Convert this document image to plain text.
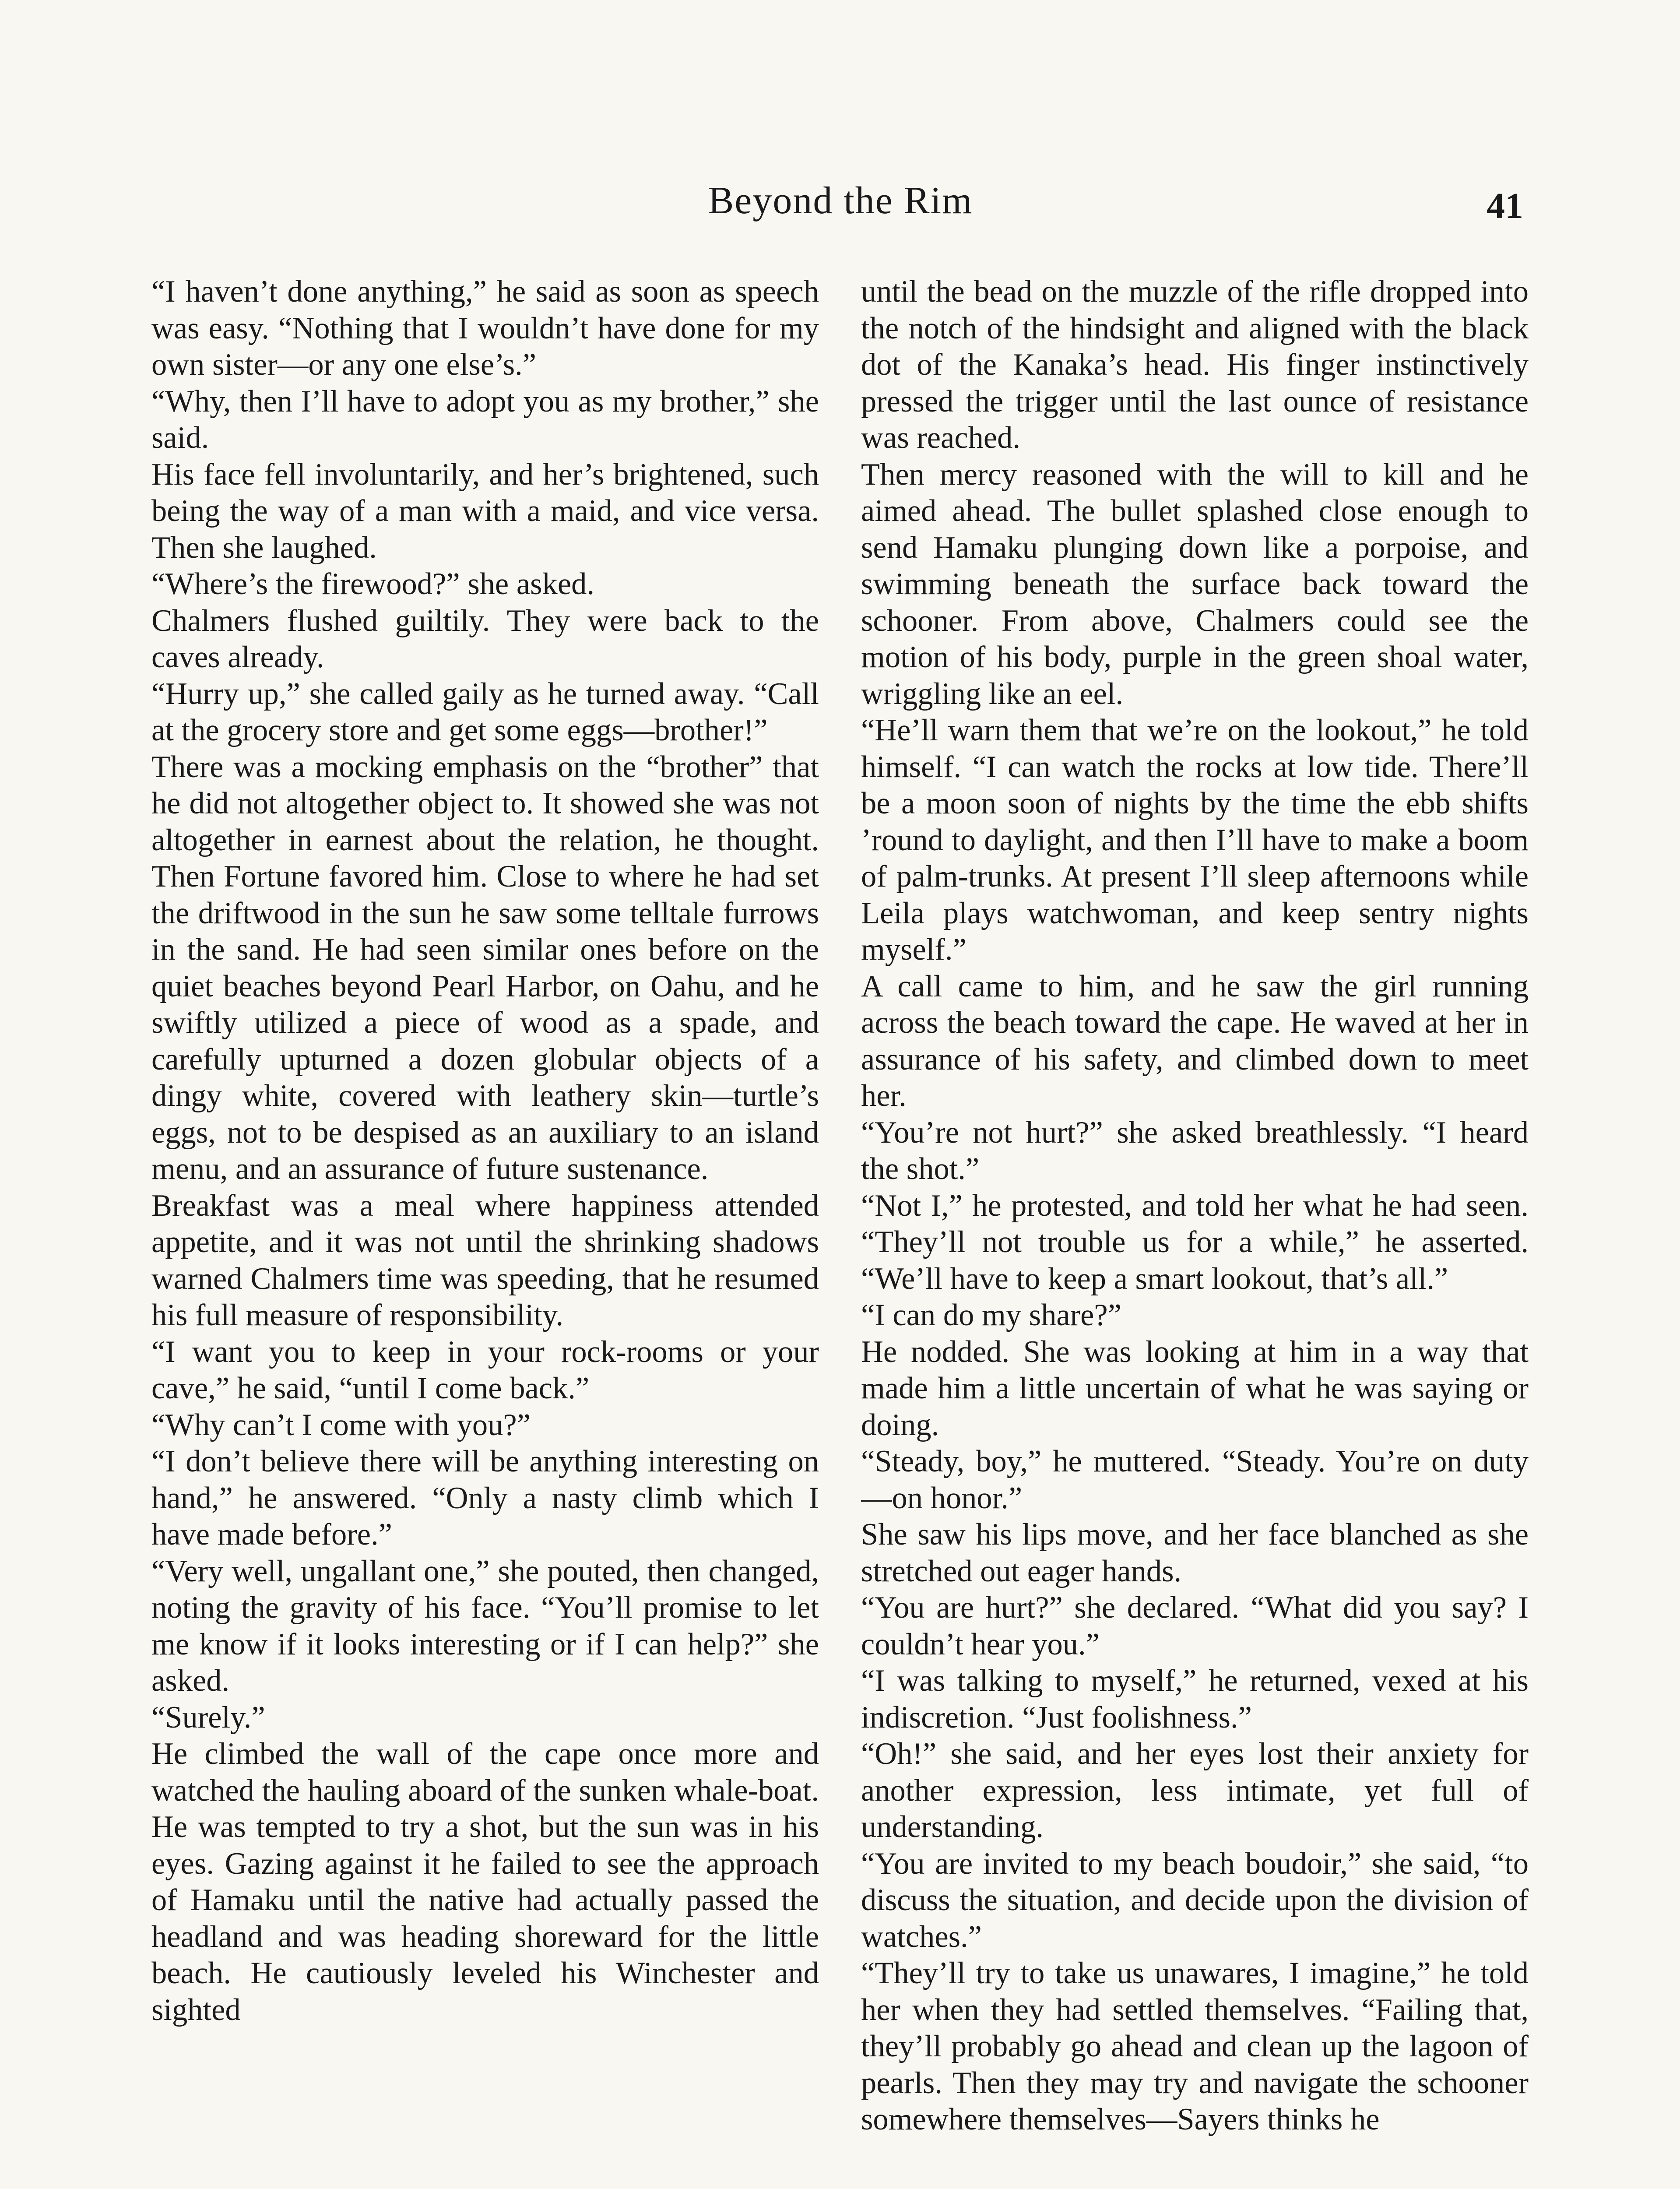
Beyond the Rim	41

“I haven’t done anything,” he said as soon as speech was easy. “Nothing that I wouldn’t have done for my own sister—or any one else’s.”

“Why, then I’ll have to adopt you as my brother,” she said.

His face fell involuntarily, and her’s brightened, such being the way of a man with a maid, and vice versa. Then she laughed.

“Where’s the firewood?” she asked.

Chalmers flushed guiltily. They were back to the caves already.

“Hurry up,” she called gaily as he turned away. “Call at the grocery store and get some eggs—brother!”

There was a mocking emphasis on the “brother” that he did not altogether object to. It showed she was not altogether in earnest about the relation, he thought. Then Fortune favored him. Close to where he had set the driftwood in the sun he saw some telltale furrows in the sand. He had seen similar ones before on the quiet beaches beyond Pearl Harbor, on Oahu, and he swiftly utilized a piece of wood as a spade, and carefully upturned a dozen globular objects of a dingy white, covered with leathery skin—turtle’s eggs, not to be despised as an auxiliary to an island menu, and an assurance of future sustenance.

Breakfast was a meal where happiness attended appetite, and it was not until the shrinking shadows warned Chalmers time was speeding, that he resumed his full measure of responsibility.

“I want you to keep in your rock-rooms or your cave,” he said, “until I come back.”

“Why can’t I come with you?”

“I don’t believe there will be anything interesting on hand,” he answered. “Only a nasty climb which I have made before.”

“Very well, ungallant one,” she pouted, then changed, noting the gravity of his face. “You’ll promise to let me know if it looks interesting or if I can help?” she asked.

“Surely.”

He climbed the wall of the cape once more and watched the hauling aboard of the sunken whale-boat. He was tempted to try a shot, but the sun was in his eyes. Gazing against it he failed to see the approach of Hamaku until the native had actually passed the headland and was heading shoreward for the little beach. He cautiously leveled his Winchester and sighted

until the bead on the muzzle of the rifle dropped into the notch of the hindsight and aligned with the black dot of the Kanaka’s head. His finger instinctively pressed the trigger until the last ounce of resistance was reached.

Then mercy reasoned with the will to kill and he aimed ahead. The bullet splashed close enough to send Hamaku plunging down like a porpoise, and swimming beneath the surface back toward the schooner. From above, Chalmers could see the motion of his body, purple in the green shoal water, wriggling like an eel.

“He’ll warn them that we’re on the lookout,” he told himself. “I can watch the rocks at low tide. There’ll be a moon soon of nights by the time the ebb shifts ’round to daylight, and then I’ll have to make a boom of palm-trunks. At present I’ll sleep afternoons while Leila plays watchwoman, and keep sentry nights myself.”

A call came to him, and he saw the girl running across the beach toward the cape. He waved at her in assurance of his safety, and climbed down to meet her.

“You’re not hurt?” she asked breathlessly. “I heard the shot.”

“Not I,” he protested, and told her what he had seen. “They’ll not trouble us for a while,” he asserted. “We’ll have to keep a smart lookout, that’s all.”

“I can do my share?”

He nodded. She was looking at him in a way that made him a little uncertain of what he was saying or doing.

“Steady, boy,” he muttered. “Steady. You’re on duty—on honor.”

She saw his lips move, and her face blanched as she stretched out eager hands.

“You are hurt?” she declared. “What did you say? I couldn’t hear you.”

“I was talking to myself,” he returned, vexed at his indiscretion. “Just foolishness.”

“Oh!” she said, and her eyes lost their anxiety for another expression, less intimate, yet full of understanding.

“You are invited to my beach boudoir,” she said, “to discuss the situation, and decide upon the division of watches.”

“They’ll try to take us unawares, I imagine,” he told her when they had settled themselves. “Failing that, they’ll probably go ahead and clean up the lagoon of pearls. Then they may try and navigate the schooner somewhere themselves—Sayers thinks he
